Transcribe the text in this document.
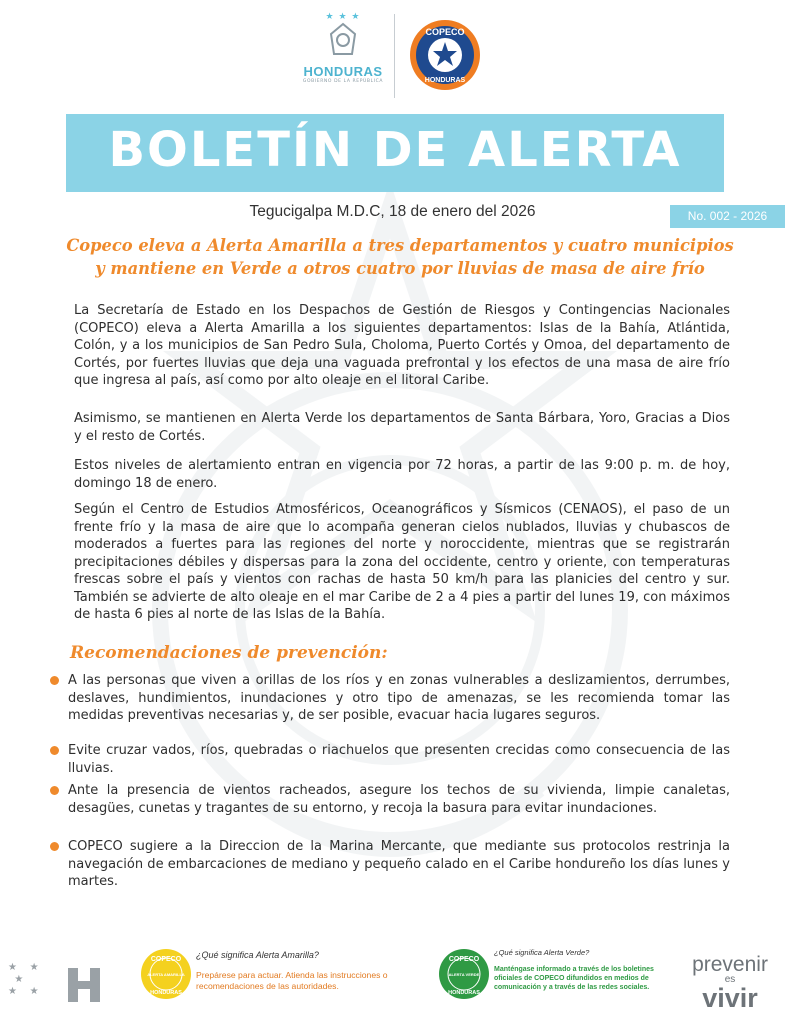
★ ★ ★
HONDURAS
GOBIERNO DE LA REPÚBLICA
COPECO
HONDURAS
BOLETÍN DE ALERTA
Tegucigalpa M.D.C, 18 de enero del 2026	No. 002 - 2026
Copeco eleva a Alerta Amarilla a tres departamentos y cuatro municipios
y mantiene en Verde a otros cuatro por lluvias de masa de aire frío
La Secretaría de Estado en los Despachos de Gestión de Riesgos y Contingencias Nacionales (COPECO) eleva a Alerta Amarilla a los siguientes departamentos: Islas de la Bahía, Atlántida, Colón, y a los municipios de San Pedro Sula, Choloma, Puerto Cortés y Omoa, del departamento de Cortés, por fuertes lluvias que deja una vaguada prefrontal y los efectos de una masa de aire frío que ingresa al país, así como por alto oleaje en el litoral Caribe.
Asimismo, se mantienen en Alerta Verde los departamentos de Santa Bárbara, Yoro, Gracias a Dios y el resto de Cortés.
Estos niveles de alertamiento entran en vigencia por 72 horas, a partir de las 9:00 p. m. de hoy, domingo 18 de enero.
Según el Centro de Estudios Atmosféricos, Oceanográficos y Sísmicos (CENAOS), el paso de un frente frío y la masa de aire que lo acompaña generan cielos nublados, lluvias y chubascos de moderados a fuertes para las regiones del norte y noroccidente, mientras que se registrarán precipitaciones débiles y dispersas para la zona del occidente, centro y oriente, con temperaturas frescas sobre el país y vientos con rachas de hasta 50 km/h para las planicies del centro y sur. También se advierte de alto oleaje en el mar Caribe de 2 a 4 pies a partir del lunes 19, con máximos de hasta 6 pies al norte de las Islas de la Bahía.
Recomendaciones de prevención:
A las personas que viven a orillas de los ríos y en zonas vulnerables a deslizamientos, derrumbes, deslaves, hundimientos, inundaciones y otro tipo de amenazas, se les recomienda tomar las medidas preventivas necesarias y, de ser posible, evacuar hacia lugares seguros.
Evite cruzar vados, ríos, quebradas o riachuelos que presenten crecidas como consecuencia de las lluvias.
Ante la presencia de vientos racheados, asegure los techos de su vivienda, limpie canaletas, desagües, cunetas y tragantes de su entorno, y recoja la basura para evitar inundaciones.
COPECO sugiere a la Direccion de la Marina Mercante, que mediante sus protocolos restrinja la navegación de embarcaciones de mediano y pequeño calado en el Caribe hondureño los días lunes y martes.
★    ★
★
★    ★
COPECO
ALERTA AMARILLA
HONDURAS
¿Qué significa Alerta Amarilla?
Prepárese para actuar. Atienda las instrucciones o recomendaciones de las autoridades.
COPECO
ALERTA VERDE
HONDURAS
¿Qué significa Alerta Verde?
Manténgase informado a través de los boletines oficiales de COPECO difundidos en medios de comunicación y a través de las redes sociales.
prevenir
es
vivir
